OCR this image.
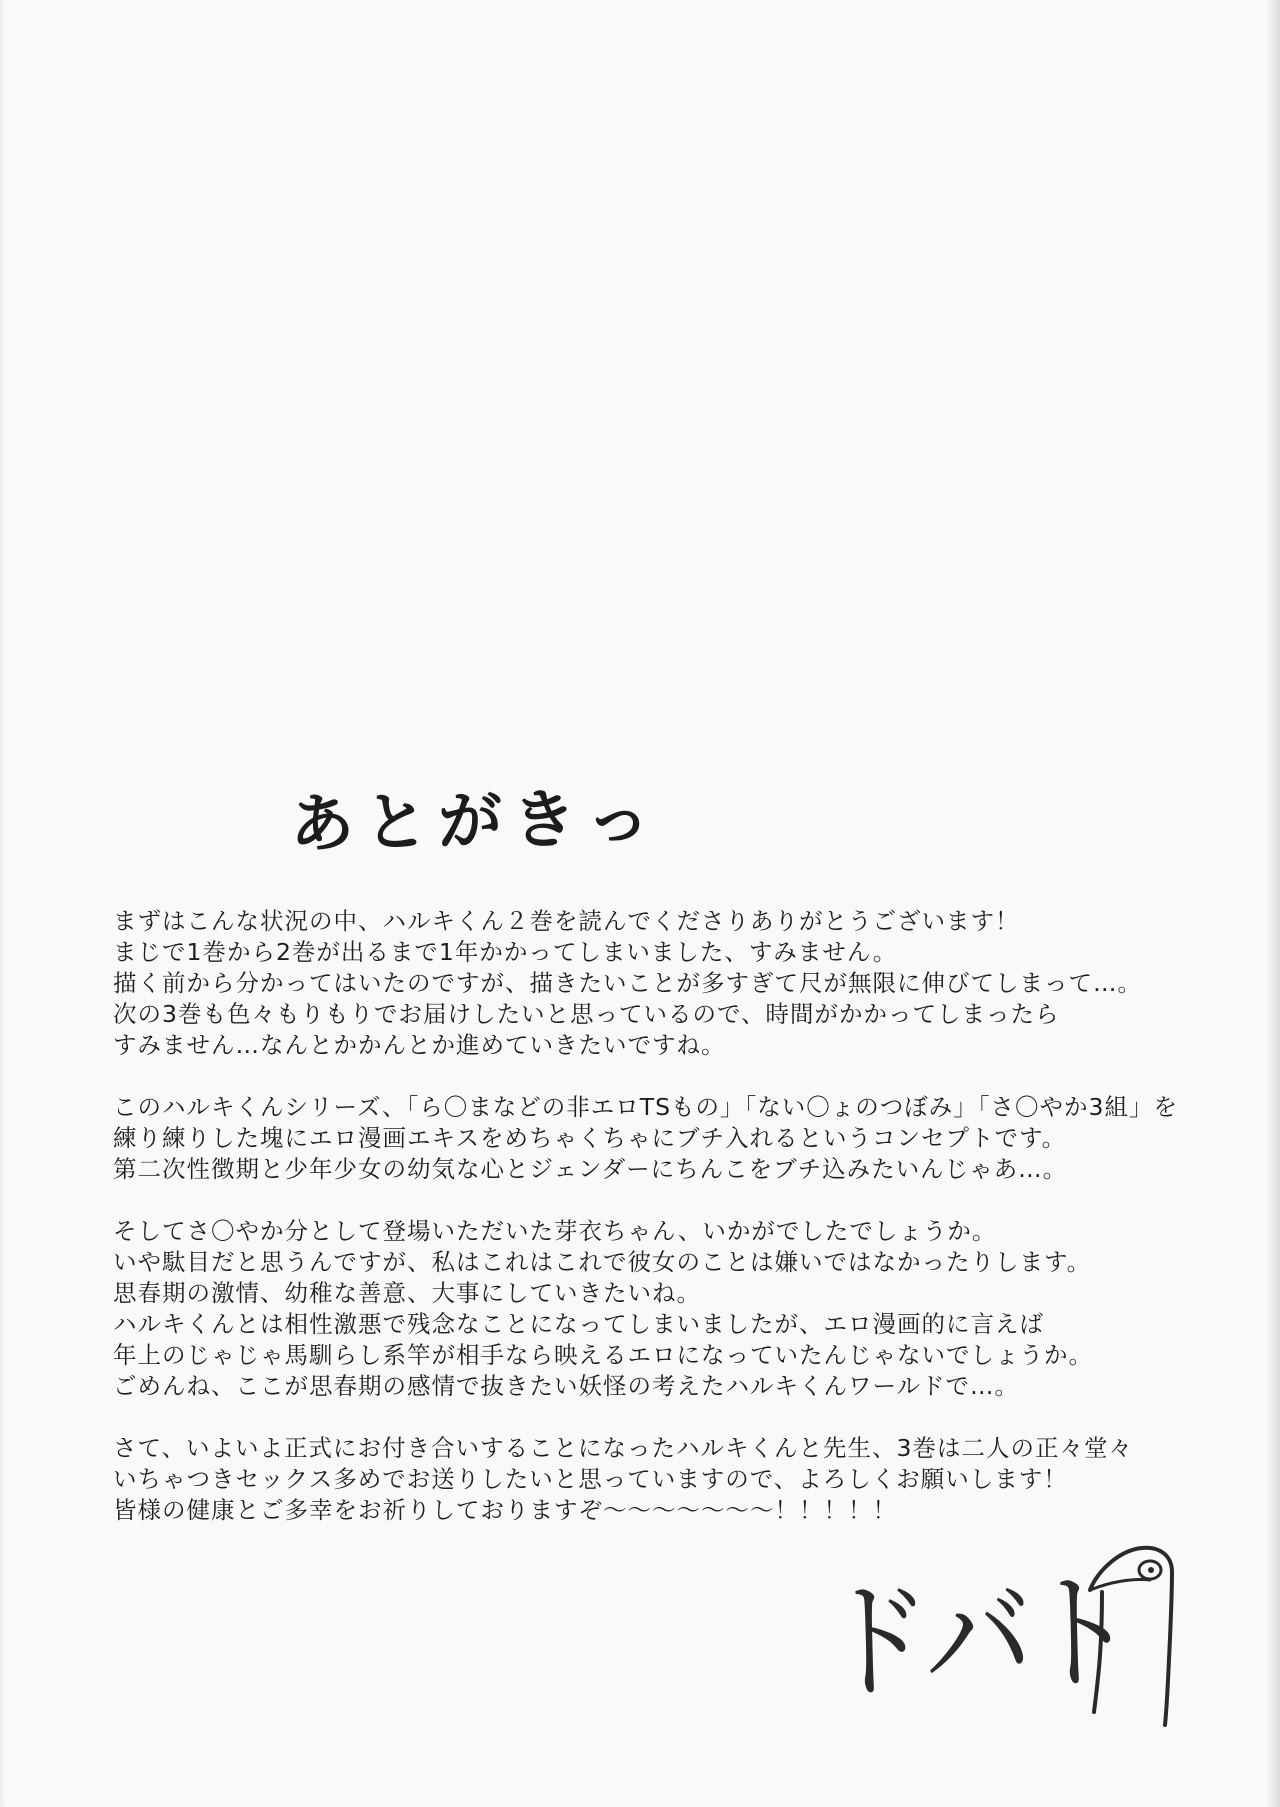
あとがきっ

まずはこんな状況の中、ハルキくん２巻を読んでくださりありがとうございます！
まじで1巻から2巻が出るまで1年かかってしまいました、すみません。
描く前から分かってはいたのですが、描きたいことが多すぎて尺が無限に伸びてしまって…。
次の3巻も色々もりもりでお届けしたいと思っているので、時間がかかってしまったら
すみません…なんとかかんとか進めていきたいですね。

このハルキくんシリーズ、「ら〇まなどの非エロTSもの」「ない〇ょのつぼみ」「さ〇やか3組」を
練り練りした塊にエロ漫画エキスをめちゃくちゃにブチ入れるというコンセプトです。
第二次性徴期と少年少女の幼気な心とジェンダーにちんこをブチ込みたいんじゃあ…。

そしてさ〇やか分として登場いただいた芽衣ちゃん、いかがでしたでしょうか。
いや駄目だと思うんですが、私はこれはこれで彼女のことは嫌いではなかったりします。
思春期の激情、幼稚な善意、大事にしていきたいね。
ハルキくんとは相性激悪で残念なことになってしまいましたが、エロ漫画的に言えば
年上のじゃじゃ馬馴らし系竿が相手なら映えるエロになっていたんじゃないでしょうか。
ごめんね、ここが思春期の感情で抜きたい妖怪の考えたハルキくんワールドで…。

さて、いよいよ正式にお付き合いすることになったハルキくんと先生、3巻は二人の正々堂々
いちゃつきセックス多めでお送りしたいと思っていますので、よろしくお願いします！
皆様の健康とご多幸をお祈りしておりますぞ〜〜〜〜〜〜〜！！！！！

ドバト
